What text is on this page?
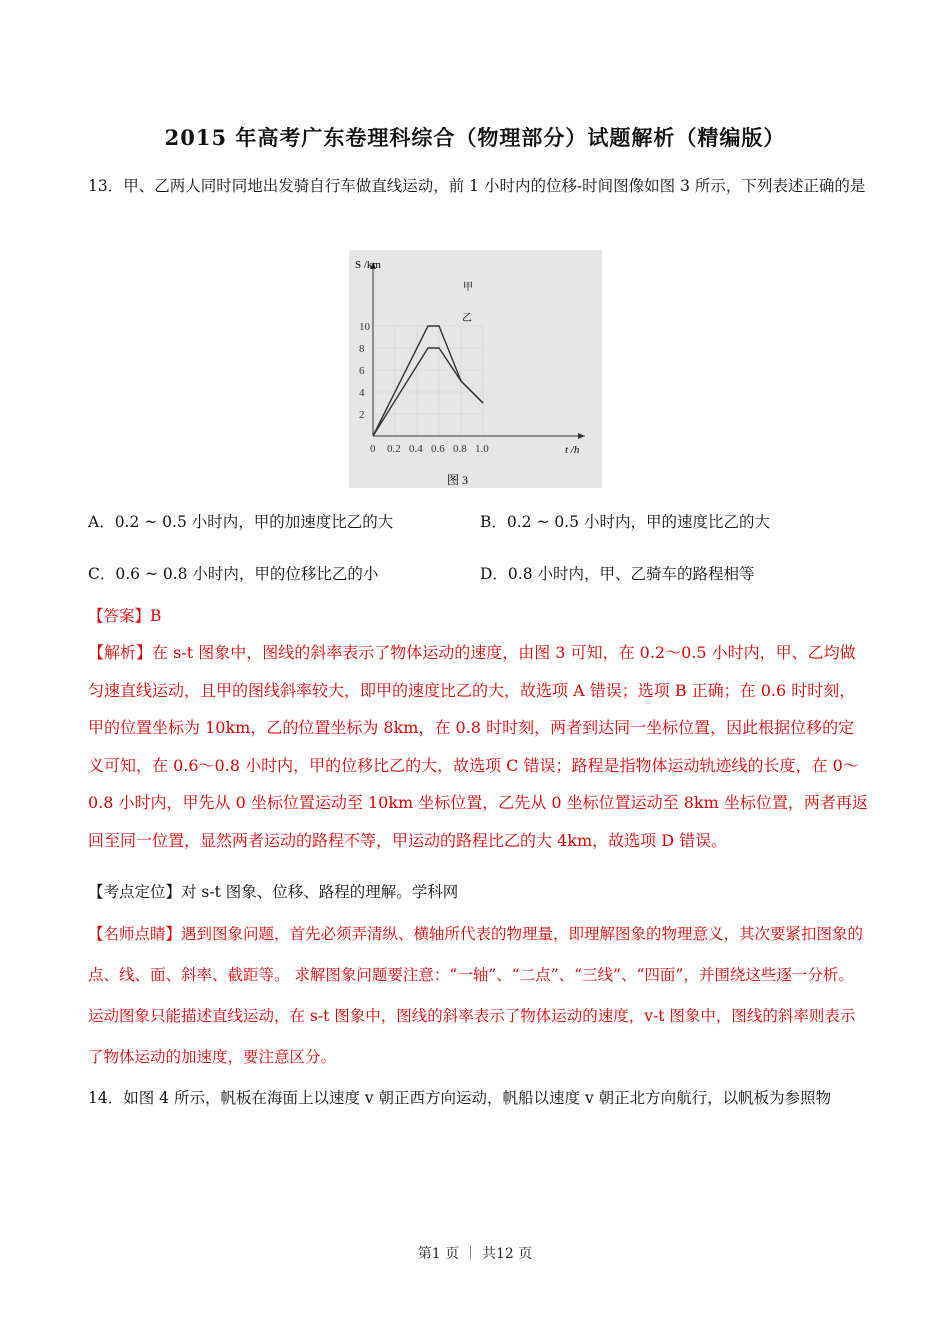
2015 年高考广东卷理科综合（物理部分）试题解析（精编版）
13．甲、乙两人同时同地出发骑自行车做直线运动，前 1 小时内的位移-时间图像如图 3 所示，下列表述正确的是
S /km
t /h
图 3
甲
乙
2
4
6
8
10
0 0.2 0.4 0.6 0.8 1.0
A．0.2 ~ 0.5 小时内，甲的加速度比乙的大	B．0.2 ~ 0.5 小时内，甲的速度比乙的大
C．0.6 ~ 0.8 小时内，甲的位移比乙的小	D．0.8 小时内，甲、乙骑车的路程相等
【答案】B
【解析】在 s-t 图象中，图线的斜率表示了物体运动的速度，由图 3 可知，在 0.2～0.5 小时内，甲、乙均做匀速直线运动，且甲的图线斜率较大，即甲的速度比乙的大，故选项 A 错误；选项 B 正确；在 0.6 时时刻，甲的位置坐标为 10km，乙的位置坐标为 8km，在 0.8 时时刻，两者到达同一坐标位置，因此根据位移的定义可知，在 0.6～0.8 小时内，甲的位移比乙的大，故选项 C 错误；路程是指物体运动轨迹线的长度，在 0～0.8 小时内，甲先从 0 坐标位置运动至 10km 坐标位置，乙先从 0 坐标位置运动至 8km 坐标位置，两者再返回至同一位置，显然两者运动的路程不等，甲运动的路程比乙的大 4km，故选项 D 错误。
【考点定位】对 s-t 图象、位移、路程的理解。学科网
【名师点睛】遇到图象问题，首先必须弄清纵、横轴所代表的物理量，即理解图象的物理意义，其次要紧扣图象的点、线、面、斜率、截距等。 求解图象问题要注意：“一轴”、“二点”、“三线”、“四面”，并围绕这些逐一分析。 运动图象只能描述直线运动，在 s-t 图象中，图线的斜率表示了物体运动的速度，v-t 图象中，图线的斜率则表示了物体运动的加速度，要注意区分。
14．如图 4 所示，帆板在海面上以速度 v 朝正西方向运动，帆船以速度 v 朝正北方向航行，以帆板为参照物
第1 页 ｜ 共12 页
